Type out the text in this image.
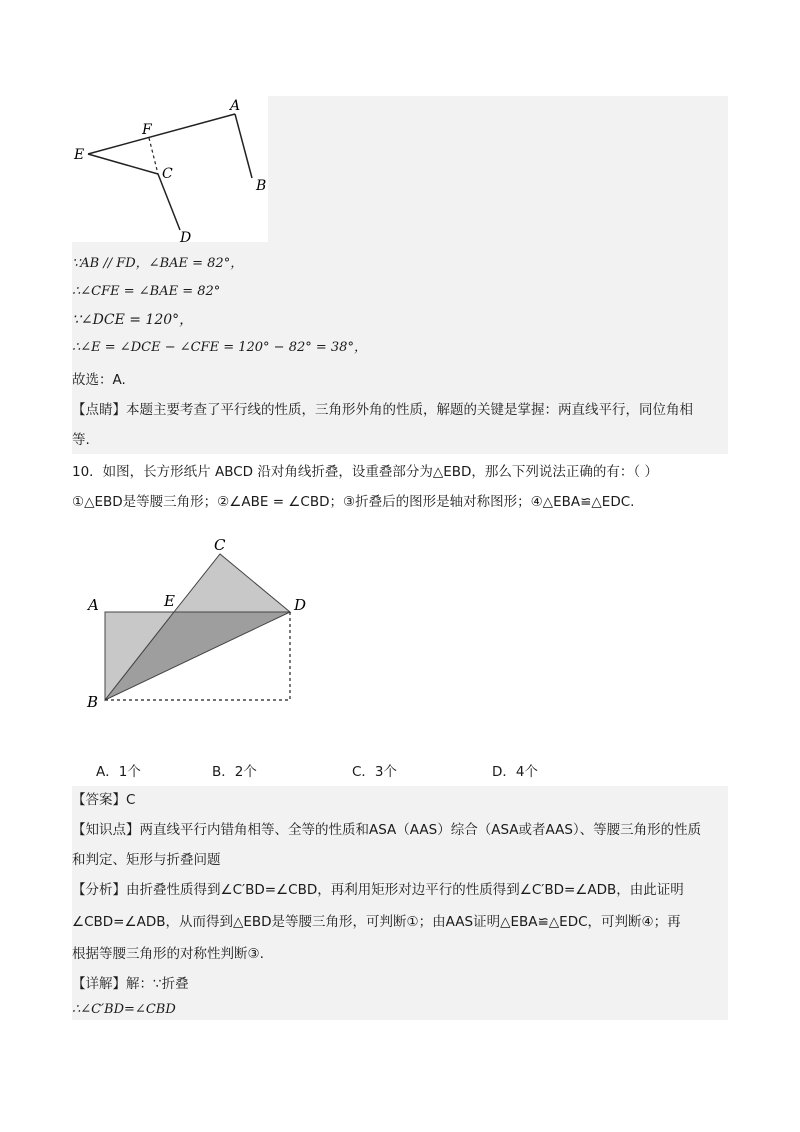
A
B
C
D
E
F
∵AB // FD，∠BAE = 82°，
∴∠CFE = ∠BAE = 82°
∵∠DCE = 120°，
∴∠E = ∠DCE − ∠CFE = 120° − 82° = 38°，
故选：A.
【点睛】本题主要考查了平行线的性质，三角形外角的性质，解题的关键是掌握：两直线平行，同位角相
等.
10．如图，长方形纸片 ABCD 沿对角线折叠，设重叠部分为△EBD，那么下列说法正确的有：（ ）
①△EBD是等腰三角形；②∠ABE = ∠CBD；③折叠后的图形是轴对称图形；④△EBA≌△EDC.
A
B
C
D
E
A．1个	B．2个	C．3个	D．4个
【答案】C
【知识点】两直线平行内错角相等、全等的性质和ASA（AAS）综合（ASA或者AAS）、等腰三角形的性质
和判定、矩形与折叠问题
【分析】由折叠性质得到∠C′BD=∠CBD，再利用矩形对边平行的性质得到∠C′BD=∠ADB，由此证明
∠CBD=∠ADB，从而得到△EBD是等腰三角形，可判断①；由AAS证明△EBA≌△EDC，可判断④；再
根据等腰三角形的对称性判断③.
【详解】解：∵折叠
∴∠C′BD=∠CBD
